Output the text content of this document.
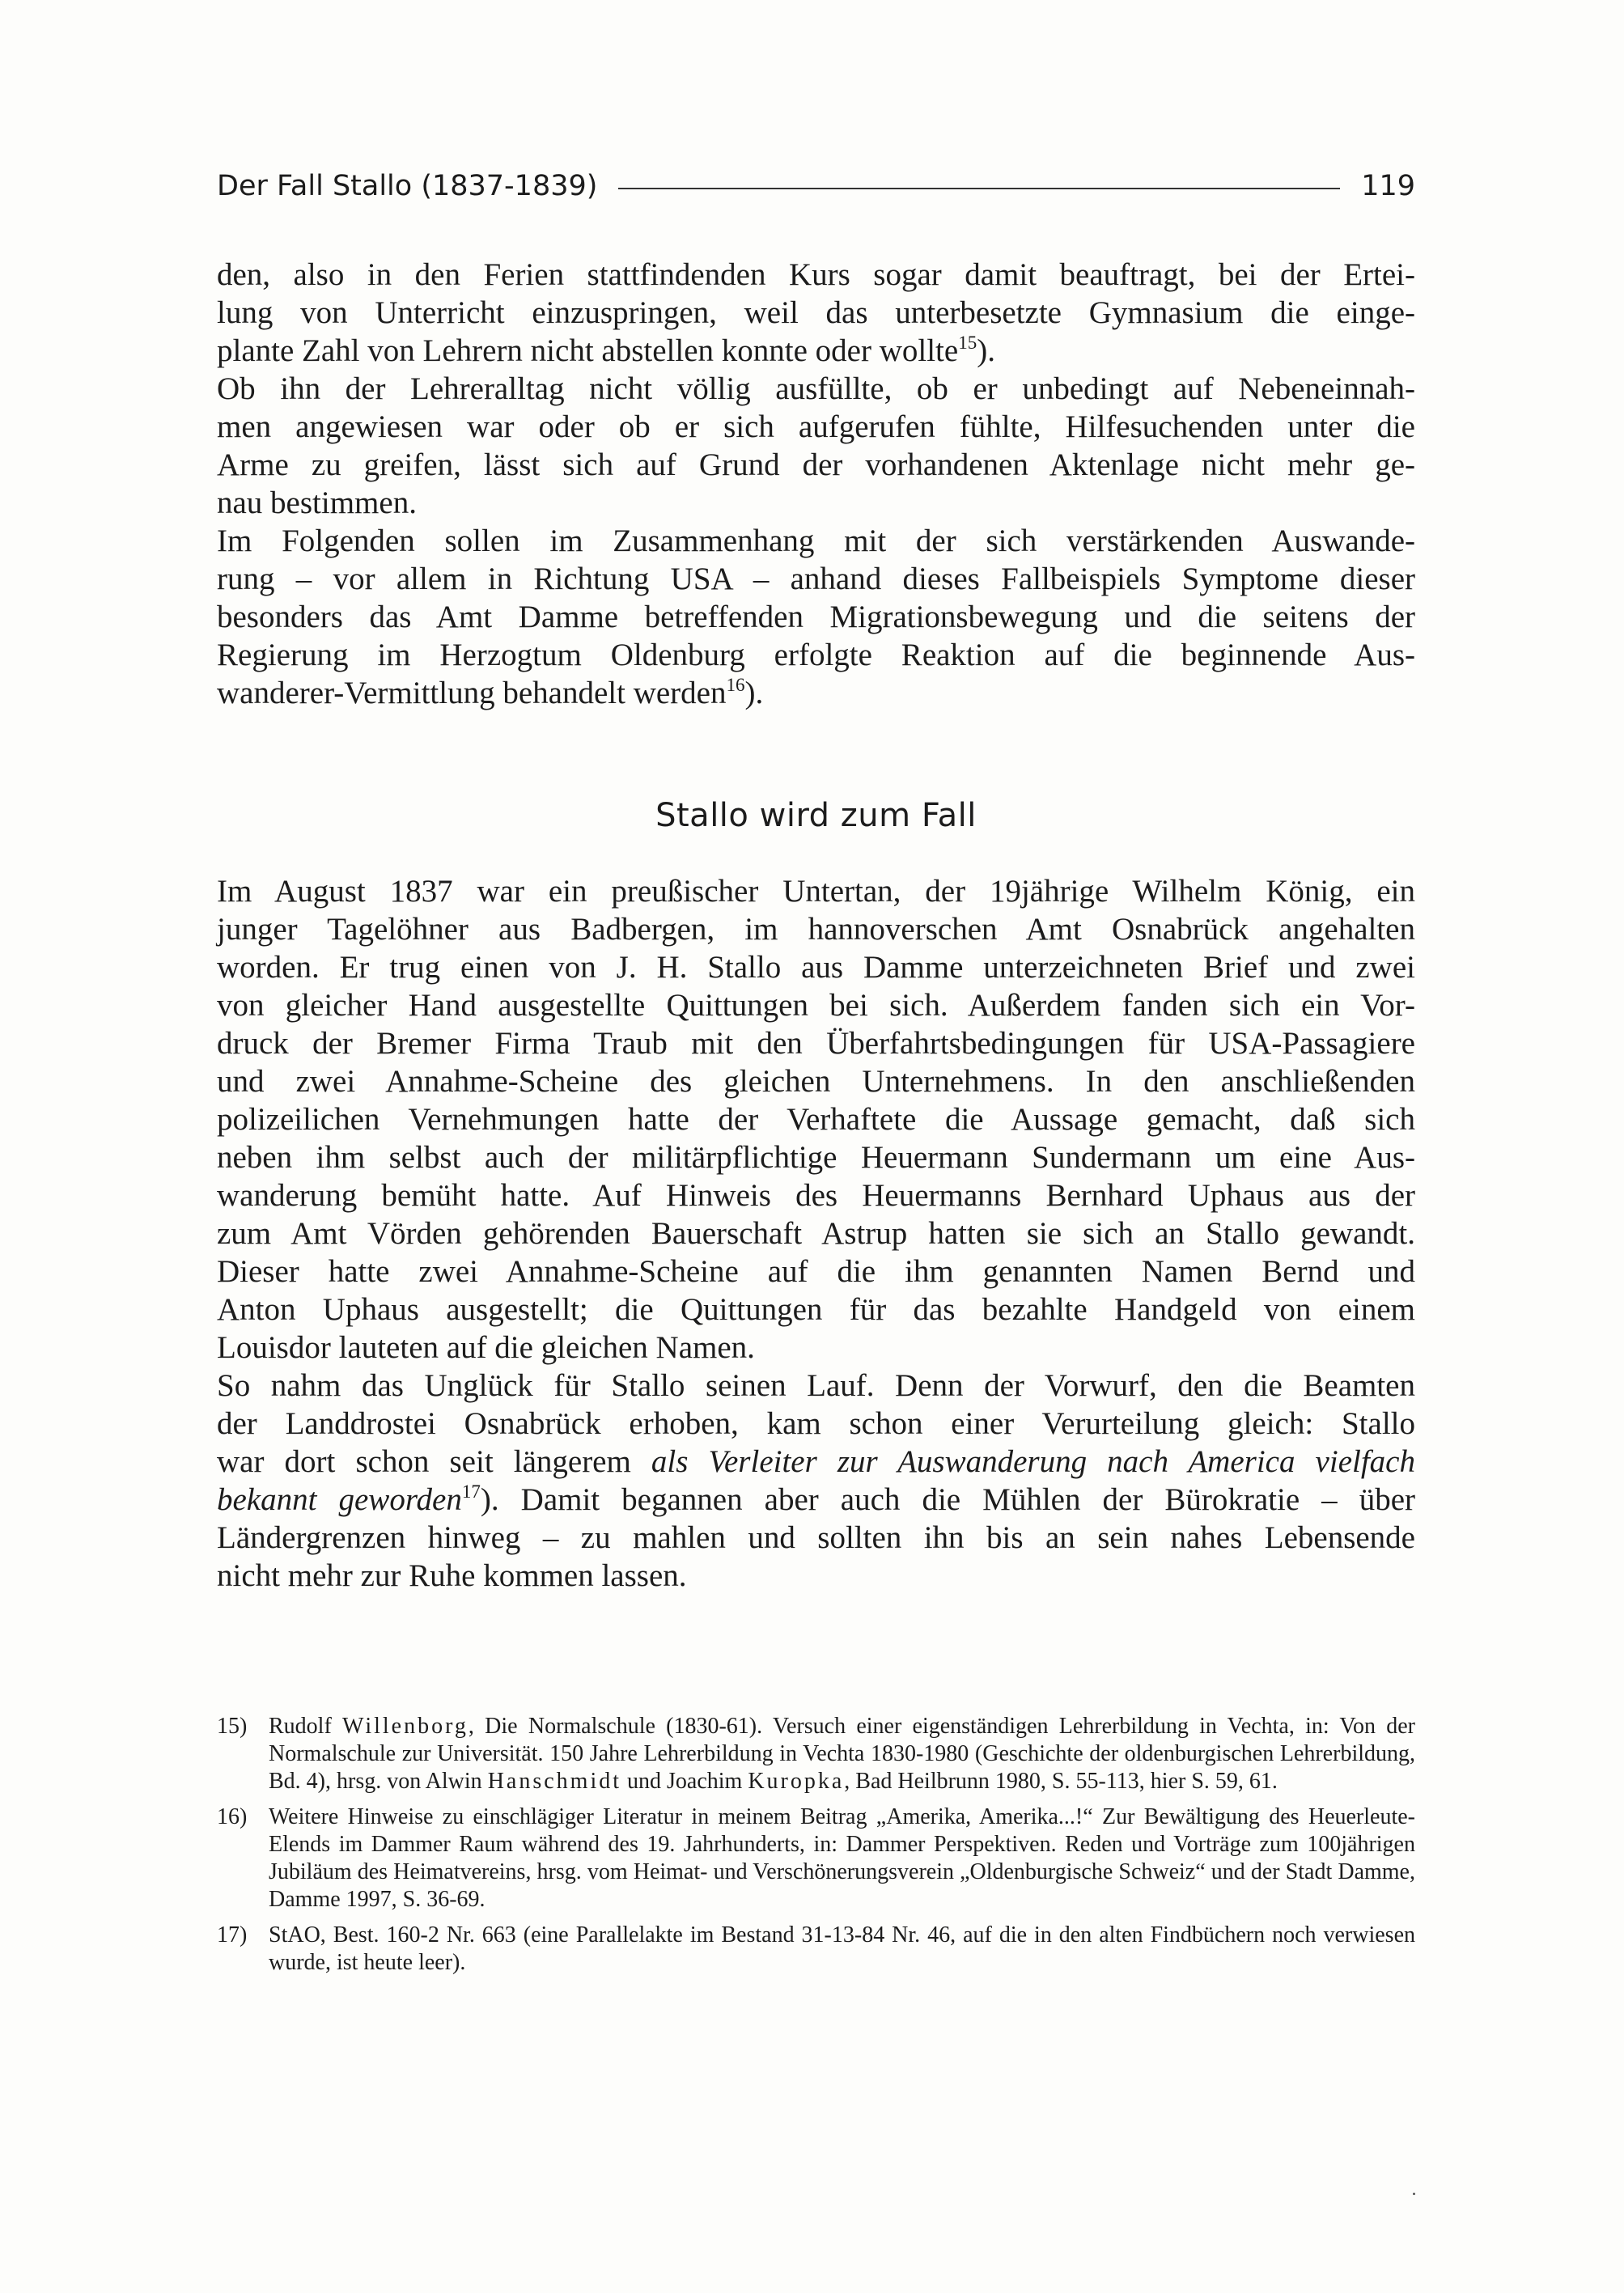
Der Fall Stallo (1837-1839)	119

den, also in den Ferien stattfindenden Kurs sogar damit beauftragt, bei der Ertei-
lung von Unterricht einzuspringen, weil das unterbesetzte Gymnasium die einge-
plante Zahl von Lehrern nicht abstellen konnte oder wollte$^{15}$).

Ob ihn der Lehreralltag nicht völlig ausfüllte, ob er unbedingt auf Nebeneinnah-
men angewiesen war oder ob er sich aufgerufen fühlte, Hilfesuchenden unter die
Arme zu greifen, lässt sich auf Grund der vorhandenen Aktenlage nicht mehr ge-
nau bestimmen.

Im Folgenden sollen im Zusammenhang mit der sich verstärkenden Auswande-
rung – vor allem in Richtung USA – anhand dieses Fallbeispiels Symptome dieser
besonders das Amt Damme betreffenden Migrationsbewegung und die seitens der
Regierung im Herzogtum Oldenburg erfolgte Reaktion auf die beginnende Aus-
wanderer-Vermittlung behandelt werden$^{16}$).

Stallo wird zum Fall

Im August 1837 war ein preußischer Untertan, der 19jährige Wilhelm König, ein
junger Tagelöhner aus Badbergen, im hannoverschen Amt Osnabrück angehalten
worden. Er trug einen von J. H. Stallo aus Damme unterzeichneten Brief und zwei
von gleicher Hand ausgestellte Quittungen bei sich. Außerdem fanden sich ein Vor-
druck der Bremer Firma Traub mit den Überfahrtsbedingungen für USA-Passagiere
und zwei Annahme-Scheine des gleichen Unternehmens. In den anschließenden
polizeilichen Vernehmungen hatte der Verhaftete die Aussage gemacht, daß sich
neben ihm selbst auch der militärpflichtige Heuermann Sundermann um eine Aus-
wanderung bemüht hatte. Auf Hinweis des Heuermanns Bernhard Uphaus aus der
zum Amt Vörden gehörenden Bauerschaft Astrup hatten sie sich an Stallo gewandt.
Dieser hatte zwei Annahme-Scheine auf die ihm genannten Namen Bernd und
Anton Uphaus ausgestellt; die Quittungen für das bezahlte Handgeld von einem
Louisdor lauteten auf die gleichen Namen.

So nahm das Unglück für Stallo seinen Lauf. Denn der Vorwurf, den die Beamten
der Landdrostei Osnabrück erhoben, kam schon einer Verurteilung gleich: Stallo
war dort schon seit längerem als Verleiter zur Auswanderung nach America vielfach
bekannt geworden$^{17}$). Damit begannen aber auch die Mühlen der Bürokratie – über
Ländergrenzen hinweg – zu mahlen und sollten ihn bis an sein nahes Lebensende
nicht mehr zur Ruhe kommen lassen.

15) Rudolf Willenborg, Die Normalschule (1830-61). Versuch einer eigenständigen Lehrerbildung in Vechta, in: Von der Normalschule zur Universität. 150 Jahre Lehrerbildung in Vechta 1830-1980 (Geschichte der oldenburgischen Lehrerbildung, Bd. 4), hrsg. von Alwin Hanschmidt und Joachim Kuropka, Bad Heilbrunn 1980, S. 55-113, hier S. 59, 61.
16) Weitere Hinweise zu einschlägiger Literatur in meinem Beitrag „Amerika, Amerika...!“ Zur Bewältigung des Heuerleute-Elends im Dammer Raum während des 19. Jahrhunderts, in: Dammer Perspektiven. Reden und Vorträge zum 100jährigen Jubiläum des Heimatvereins, hrsg. vom Heimat- und Verschönerungsverein „Oldenburgische Schweiz“ und der Stadt Damme, Damme 1997, S. 36-69.
17) StAO, Best. 160-2 Nr. 663 (eine Parallelakte im Bestand 31-13-84 Nr. 46, auf die in den alten Findbüchern noch verwiesen wurde, ist heute leer).
